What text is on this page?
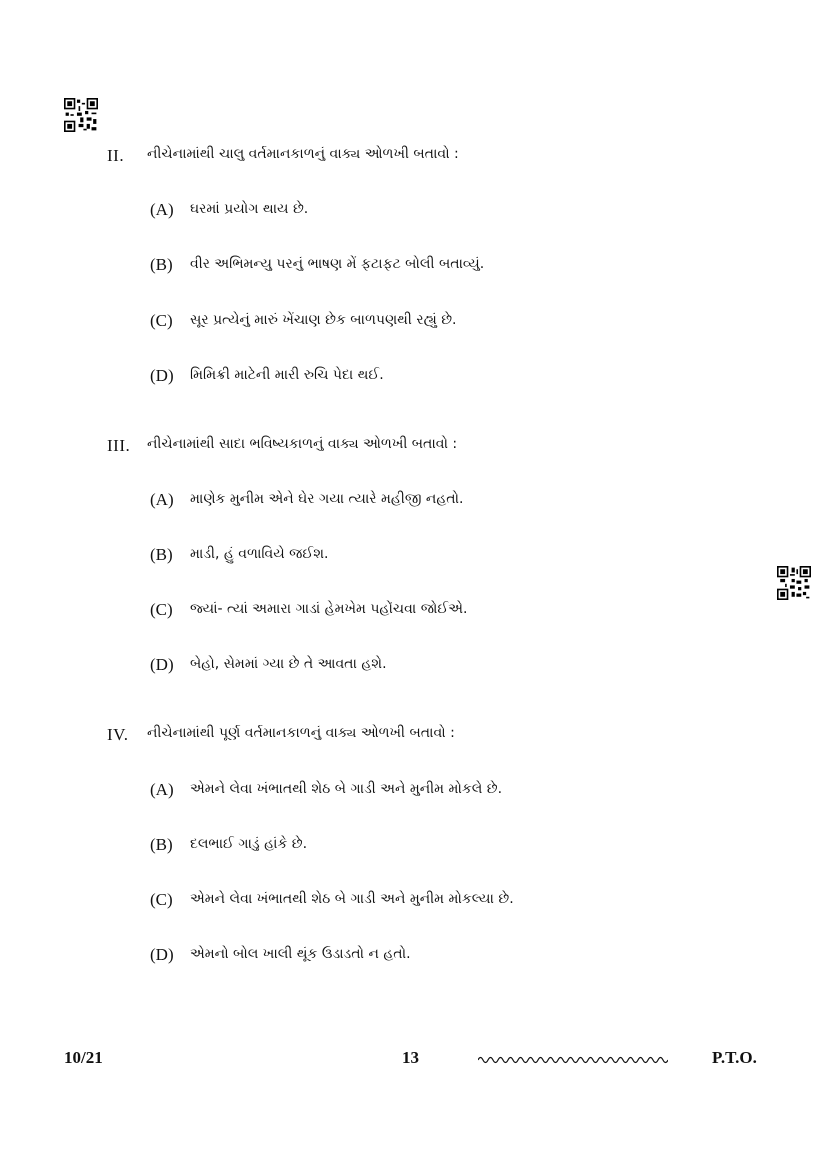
II. નીચેનામાંથી ચાલુ વર્તમાનકાળનું વાક્ય ઓળખી બતાવો :
(A) ઘરમાં પ્રયોગ થાય છે.
(B) વીર અભિમન્યુ પરનું ભાષણ મેં ફટાફટ બોલી બતાવ્યું.
(C) સૂર પ્રત્યેનું મારું ખેંચાણ છેક બાળપણથી રહ્યું છે.
(D) મિમિક્રી માટેની મારી રુચિ પેદા થઈ.
III. નીચેનામાંથી સાદા ભવિષ્યકાળનું વાક્ય ઓળખી બતાવો :
(A) માણેક મુનીમ એને ઘેર ગયા ત્યારે મહીજી નહતો.
(B) માડી, હું વળાવિયે જઈશ.
(C) જ્યાં- ત્યાં અમારા ગાડાં હેમખેમ પહોંચવા જોઈએ.
(D) બેહો, સેમમાં ગ્યા છે તે આવતા હશે.
IV. નીચેનામાંથી પૂર્ણ વર્તમાનકાળનું વાક્ય ઓળખી બતાવો :
(A) એમને લેવા ખંભાતથી શેઠ બે ગાડી અને મુનીમ મોકલે છે.
(B) દલભાઈ ગાડું હાંકે છે.
(C) એમને લેવા ખંભાતથી શેઠ બે ગાડી અને મુનીમ મોકલ્યા છે.
(D) એમનો બોલ ખાલી થૂંક ઉડાડતો ન હતો.
10/21	13	P.T.O.
